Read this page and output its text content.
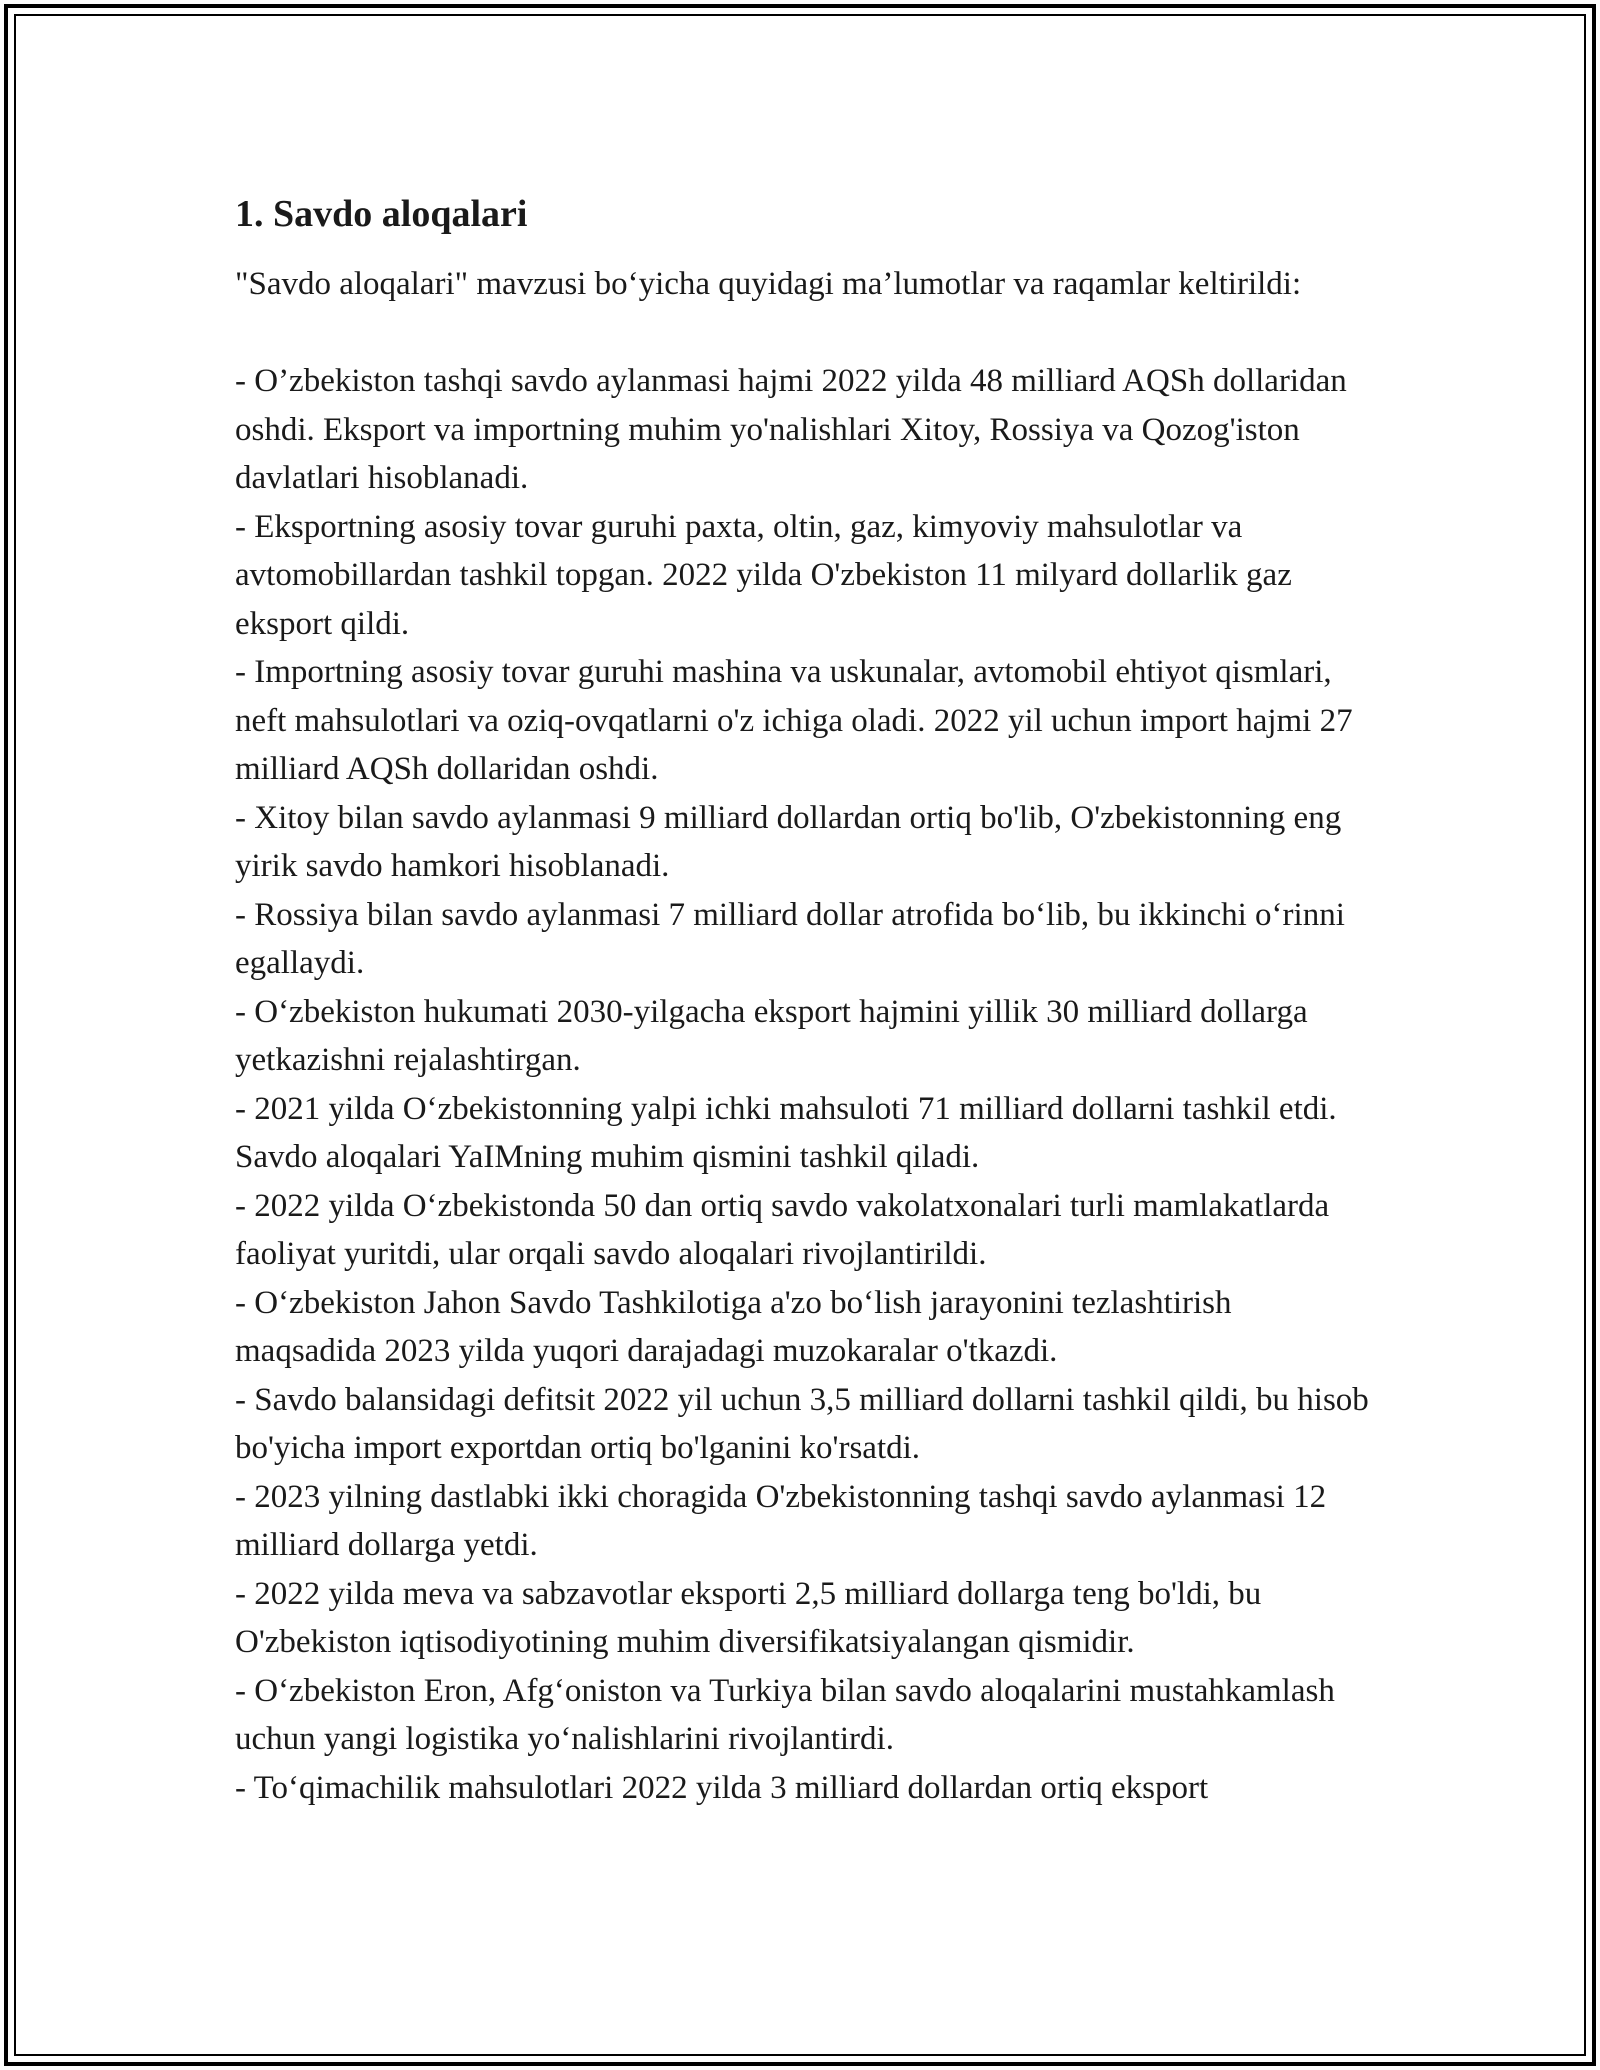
1. Savdo aloqalari

"Savdo aloqalari" mavzusi bo‘yicha quyidagi ma’lumotlar va raqamlar keltirildi:

- O’zbekiston tashqi savdo aylanmasi hajmi 2022 yilda 48 milliard AQSh dollaridan oshdi. Eksport va importning muhim yo'nalishlari Xitoy, Rossiya va Qozog'iston davlatlari hisoblanadi.

- Eksportning asosiy tovar guruhi paxta, oltin, gaz, kimyoviy mahsulotlar va avtomobillardan tashkil topgan. 2022 yilda O'zbekiston 11 milyard dollarlik gaz eksport qildi.

- Importning asosiy tovar guruhi mashina va uskunalar, avtomobil ehtiyot qismlari, neft mahsulotlari va oziq-ovqatlarni o'z ichiga oladi. 2022 yil uchun import hajmi 27 milliard AQSh dollaridan oshdi.

- Xitoy bilan savdo aylanmasi 9 milliard dollardan ortiq bo'lib, O'zbekistonning eng yirik savdo hamkori hisoblanadi.

- Rossiya bilan savdo aylanmasi 7 milliard dollar atrofida bo‘lib, bu ikkinchi o‘rinni egallaydi.

- O‘zbekiston hukumati 2030-yilgacha eksport hajmini yillik 30 milliard dollarga yetkazishni rejalashtirgan.

- 2021 yilda O‘zbekistonning yalpi ichki mahsuloti 71 milliard dollarni tashkil etdi. Savdo aloqalari YaIMning muhim qismini tashkil qiladi.

- 2022 yilda O‘zbekistonda 50 dan ortiq savdo vakolatxonalari turli mamlakatlarda faoliyat yuritdi, ular orqali savdo aloqalari rivojlantirildi.

- O‘zbekiston Jahon Savdo Tashkilotiga a'zo bo‘lish jarayonini tezlashtirish maqsadida 2023 yilda yuqori darajadagi muzokaralar o'tkazdi.

- Savdo balansidagi defitsit 2022 yil uchun 3,5 milliard dollarni tashkil qildi, bu hisob bo'yicha import exportdan ortiq bo'lganini ko'rsatdi.

- 2023 yilning dastlabki ikki choragida O'zbekistonning tashqi savdo aylanmasi 12 milliard dollarga yetdi.

- 2022 yilda meva va sabzavotlar eksporti 2,5 milliard dollarga teng bo'ldi, bu O'zbekiston iqtisodiyotining muhim diversifikatsiyalangan qismidir.

- O‘zbekiston Eron, Afg‘oniston va Turkiya bilan savdo aloqalarini mustahkamlash uchun yangi logistika yo‘nalishlarini rivojlantirdi.

- To‘qimachilik mahsulotlari 2022 yilda 3 milliard dollardan ortiq eksport
